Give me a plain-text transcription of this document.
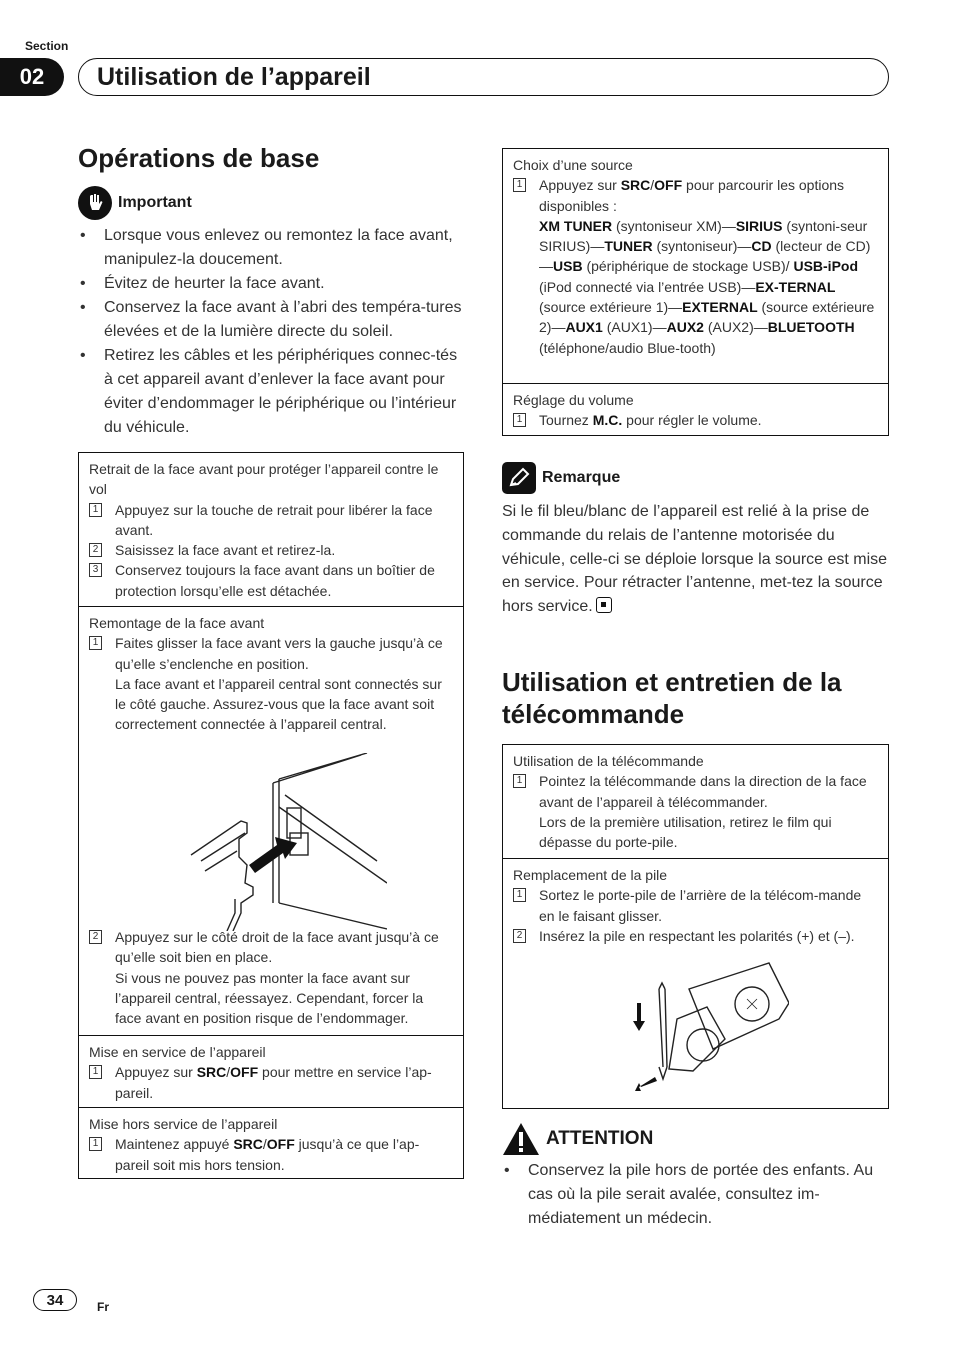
Section
02	Utilisation de l’appareil
Opérations de base
Important
• Lorsque vous enlevez ou remontez la face avant, manipulez-la doucement.
• Évitez de heurter la face avant.
• Conservez la face avant à l’abri des tempéra-tures élevées et de la lumière directe du soleil.
• Retirez les câbles et les périphériques connec-tés à cet appareil avant d’enlever la face avant pour éviter d’endommager le périphérique ou l’intérieur du véhicule.
Retrait de la face avant pour protéger l’appareil contre le vol
1 Appuyez sur la touche de retrait pour libérer la face avant.
2 Saisissez la face avant et retirez-la.
3 Conservez toujours la face avant dans un boîtier de protection lorsqu’elle est détachée.
Remontage de la face avant
1 Faites glisser la face avant vers la gauche jusqu’à ce qu’elle s’enclenche en position.
La face avant et l’appareil central sont connectés sur le côté gauche. Assurez-vous que la face avant soit correctement connectée à l’appareil central.
2 Appuyez sur le côté droit de la face avant jusqu’à ce qu’elle soit bien en place.
Si vous ne pouvez pas monter la face avant sur l’appareil central, réessayez. Cependant, forcer la face avant en position risque de l’endommager.
Mise en service de l’appareil
1 Appuyez sur SRC/OFF pour mettre en service l’ap-pareil.
Mise hors service de l’appareil
1 Maintenez appuyé SRC/OFF jusqu’à ce que l’ap-pareil soit mis hors tension.
Choix d’une source
1 Appuyez sur SRC/OFF pour parcourir les options disponibles :
XM TUNER (syntoniseur XM)—SIRIUS (syntoni-seur SIRIUS)—TUNER (syntoniseur)—CD (lecteur de CD)—USB (périphérique de stockage USB)/ USB-iPod (iPod connecté via l’entrée USB)—EX-TERNAL (source extérieure 1)—EXTERNAL (source extérieure 2)—AUX1 (AUX1)—AUX2 (AUX2)—BLUETOOTH (téléphone/audio Blue-tooth)
Réglage du volume
1 Tournez M.C. pour régler le volume.
Remarque

Si le fil bleu/blanc de l’appareil est relié à la prise de commande du relais de l’antenne motorisée du véhicule, celle-ci se déploie lorsque la source est mise en service. Pour rétracter l’antenne, met-tez la source hors service.

Utilisation et entretien de la télécommande
Utilisation de la télécommande
1 Pointez la télécommande dans la direction de la face avant de l’appareil à télécommander.
Lors de la première utilisation, retirez le film qui dépasse du porte-pile.
Remplacement de la pile
1 Sortez le porte-pile de l’arrière de la télécom-mande en le faisant glisser.
2 Insérez la pile en respectant les polarités (+) et (–).
ATTENTION
• Conservez la pile hors de portée des enfants. Au cas où la pile serait avalée, consultez im-médiatement un médecin.
34	Fr
